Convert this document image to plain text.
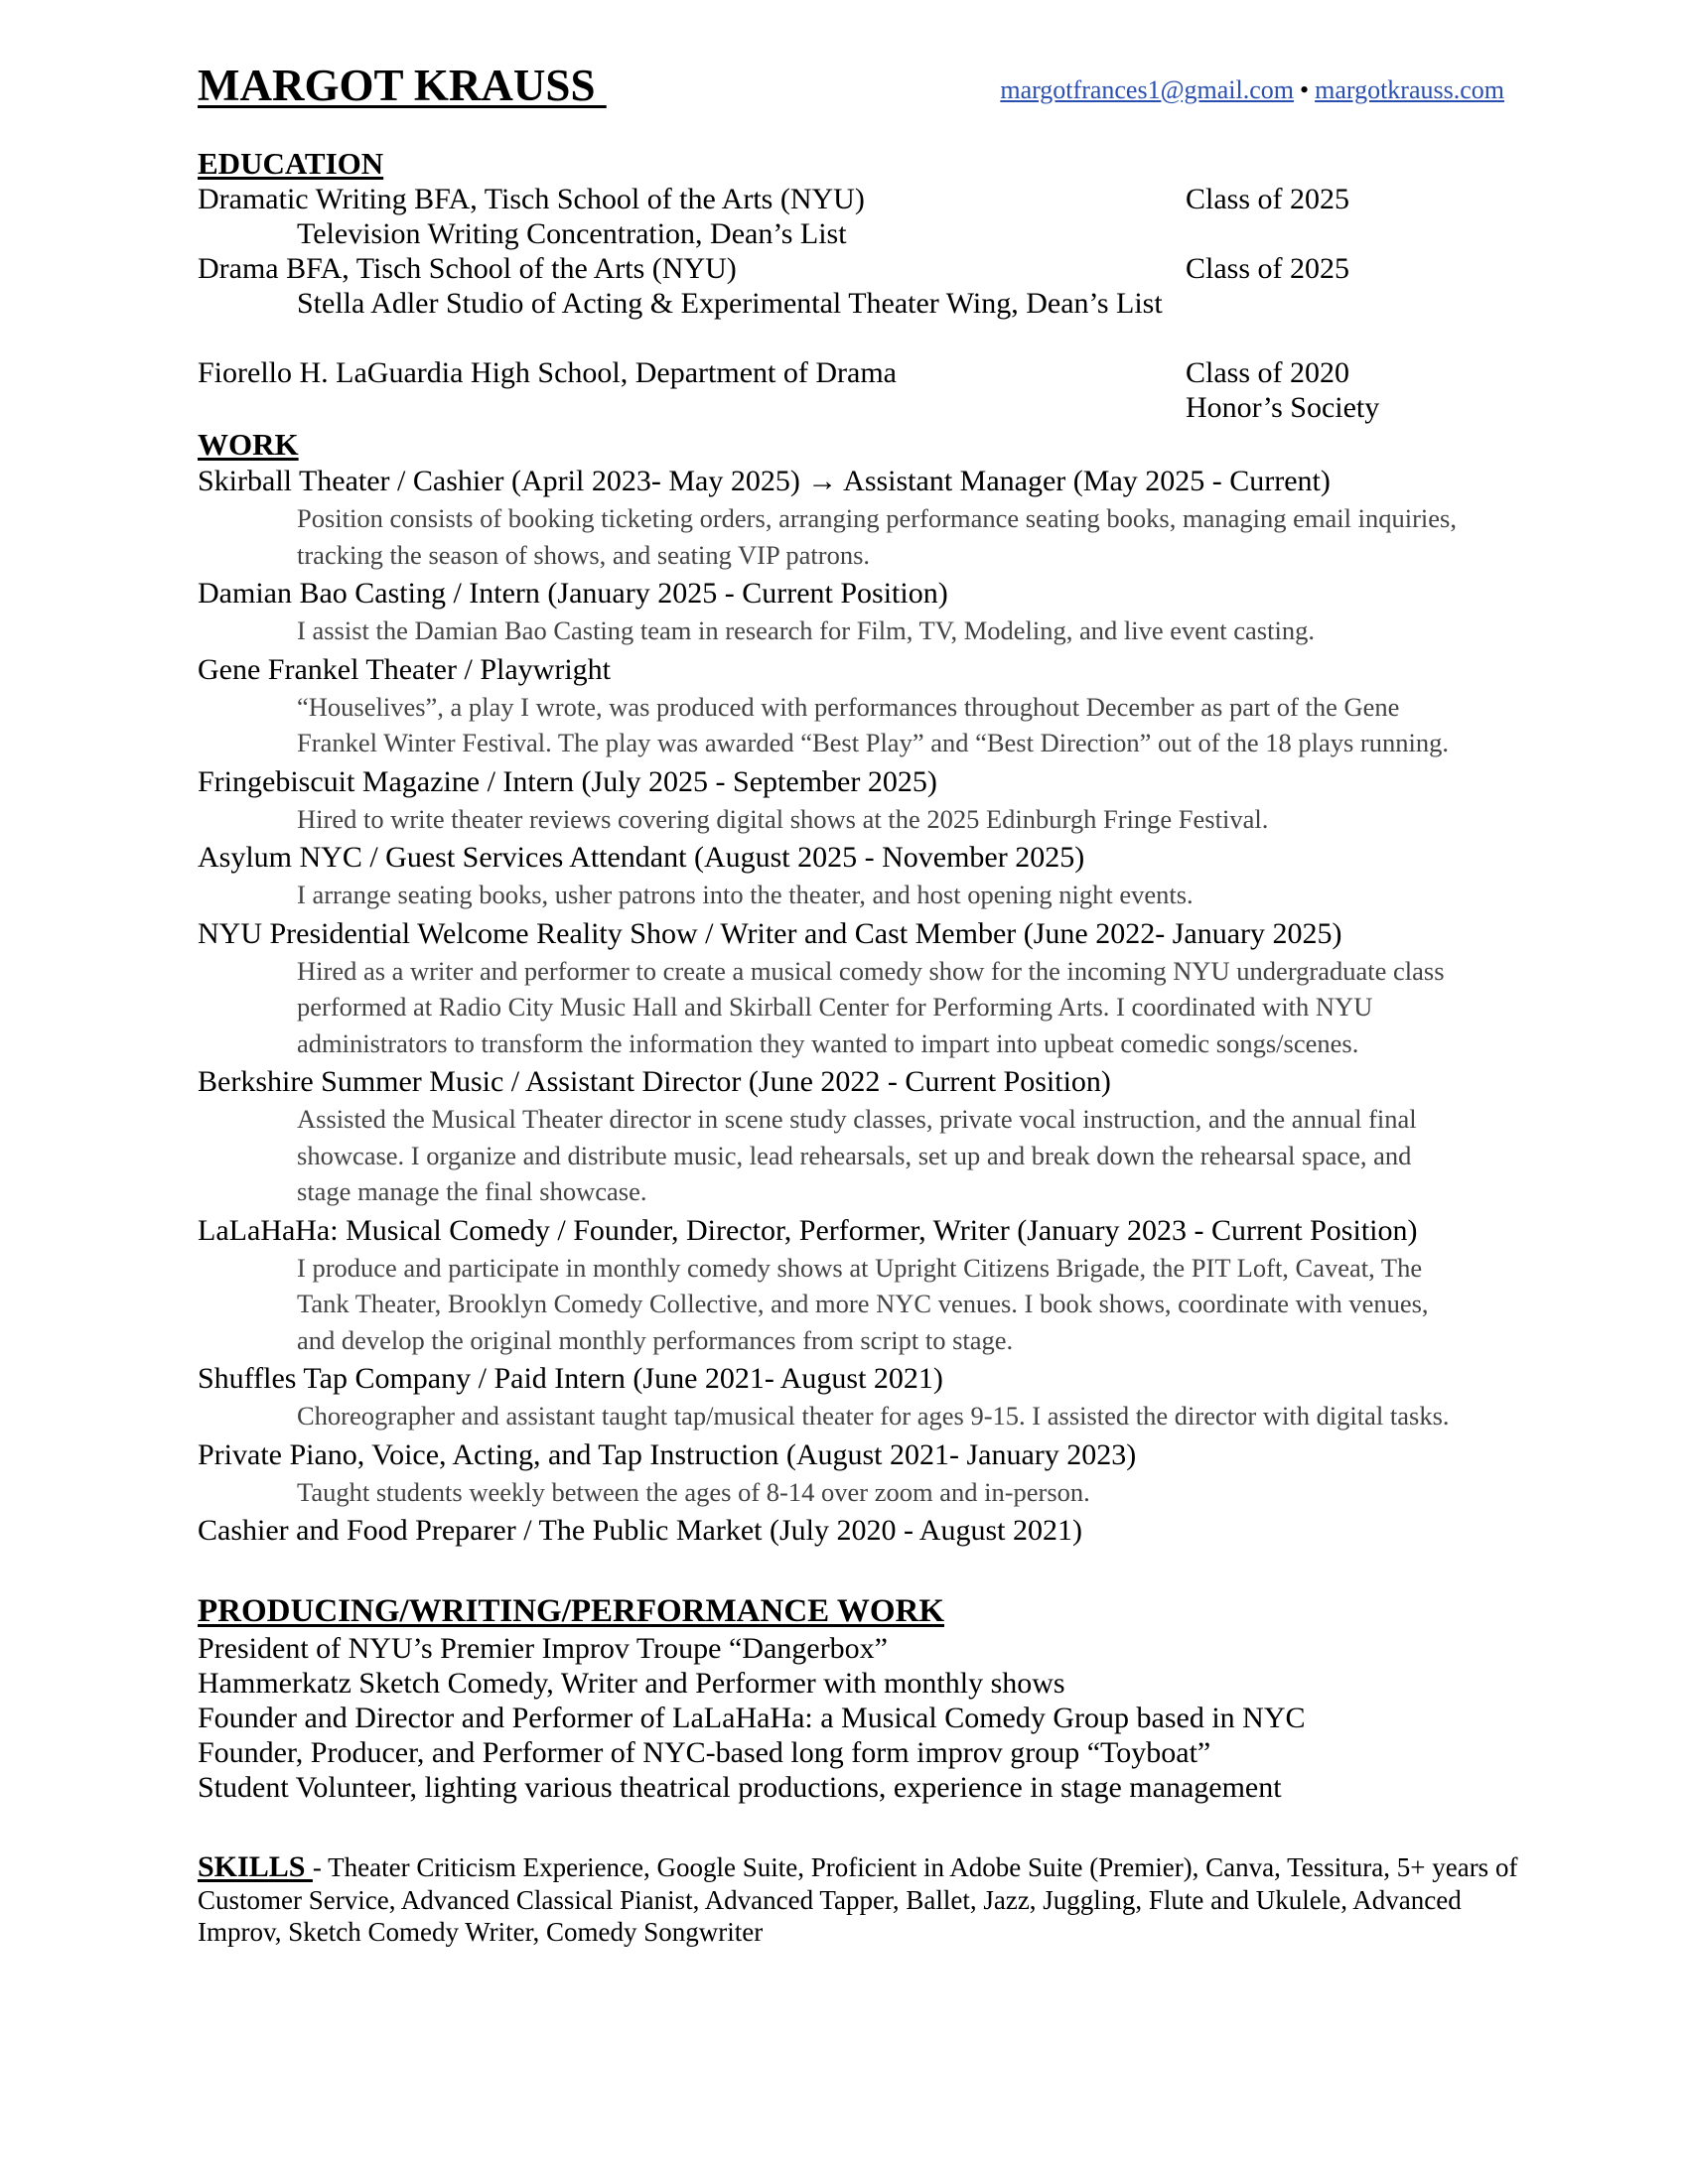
MARGOT KRAUSS	margotfrances1@gmail.com • margotkrauss.com
EDUCATION
Dramatic Writing BFA, Tisch School of the Arts (NYU)	Class of 2025
Television Writing Concentration, Dean’s List
Drama BFA, Tisch School of the Arts (NYU)	Class of 2025
Stella Adler Studio of Acting & Experimental Theater Wing, Dean’s List
Fiorello H. LaGuardia High School, Department of Drama	Class of 2020
Honor’s Society
WORK
Skirball Theater / Cashier (April 2023- May 2025) → Assistant Manager (May 2025 - Current)
Position consists of booking ticketing orders, arranging performance seating books, managing email inquiries,
tracking the season of shows, and seating VIP patrons.
Damian Bao Casting / Intern (January 2025 - Current Position)
I assist the Damian Bao Casting team in research for Film, TV, Modeling, and live event casting.
Gene Frankel Theater / Playwright
“Houselives”, a play I wrote, was produced with performances throughout December as part of the Gene
Frankel Winter Festival. The play was awarded “Best Play” and “Best Direction” out of the 18 plays running.
Fringebiscuit Magazine / Intern (July 2025 - September 2025)
Hired to write theater reviews covering digital shows at the 2025 Edinburgh Fringe Festival.
Asylum NYC / Guest Services Attendant (August 2025 - November 2025)
I arrange seating books, usher patrons into the theater, and host opening night events.
NYU Presidential Welcome Reality Show / Writer and Cast Member (June 2022- January 2025)
Hired as a writer and performer to create a musical comedy show for the incoming NYU undergraduate class
performed at Radio City Music Hall and Skirball Center for Performing Arts. I coordinated with NYU
administrators to transform the information they wanted to impart into upbeat comedic songs/scenes.
Berkshire Summer Music / Assistant Director (June 2022 - Current Position)
Assisted the Musical Theater director in scene study classes, private vocal instruction, and the annual final
showcase. I organize and distribute music, lead rehearsals, set up and break down the rehearsal space, and
stage manage the final showcase.
LaLaHaHa: Musical Comedy / Founder, Director, Performer, Writer (January 2023 - Current Position)
I produce and participate in monthly comedy shows at Upright Citizens Brigade, the PIT Loft, Caveat, The
Tank Theater, Brooklyn Comedy Collective, and more NYC venues. I book shows, coordinate with venues,
and develop the original monthly performances from script to stage.
Shuffles Tap Company / Paid Intern (June 2021- August 2021)
Choreographer and assistant taught tap/musical theater for ages 9-15. I assisted the director with digital tasks.
Private Piano, Voice, Acting, and Tap Instruction (August 2021- January 2023)
Taught students weekly between the ages of 8-14 over zoom and in-person.
Cashier and Food Preparer / The Public Market (July 2020 - August 2021)
PRODUCING/WRITING/PERFORMANCE WORK
President of NYU’s Premier Improv Troupe “Dangerbox”
Hammerkatz Sketch Comedy, Writer and Performer with monthly shows
Founder and Director and Performer of LaLaHaHa: a Musical Comedy Group based in NYC
Founder, Producer, and Performer of NYC-based long form improv group “Toyboat”
Student Volunteer, lighting various theatrical productions, experience in stage management
SKILLS - Theater Criticism Experience, Google Suite, Proficient in Adobe Suite (Premier), Canva, Tessitura, 5+ years of Customer Service, Advanced Classical Pianist, Advanced Tapper, Ballet, Jazz, Juggling, Flute and Ukulele, Advanced Improv, Sketch Comedy Writer, Comedy Songwriter
